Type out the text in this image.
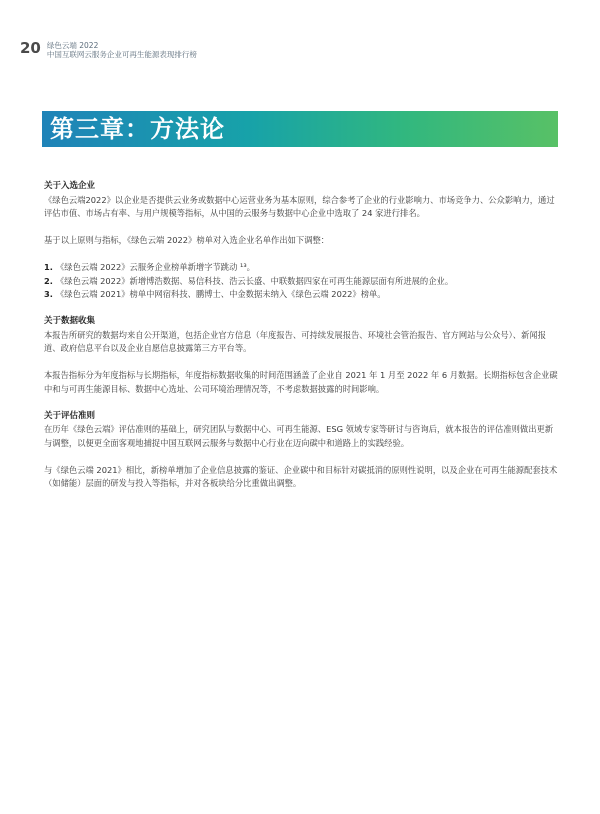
20 绿色云端 2022
中国互联网云服务企业可再生能源表现排行榜
第三章：方法论
关于入选企业

《绿色云端2022》以企业是否提供云业务或数据中心运营业务为基本原则，综合参考了企业的行业影响力、市场竞争力、公众影响力，通过评估市值、市场占有率、与用户规模等指标，从中国的云服务与数据中心企业中选取了 24 家进行排名。

基于以上原则与指标，《绿色云端 2022》榜单对入选企业名单作出如下调整：

1. 《绿色云端 2022》云服务企业榜单新增字节跳动 ¹³。
2. 《绿色云端 2022》新增博浩数据、易信科技、浩云长盛、中联数据四家在可再生能源层面有所进展的企业。
3. 《绿色云端 2021》榜单中网宿科技、鹏博士、中金数据未纳入《绿色云端 2022》榜单。
关于数据收集

本报告所研究的数据均来自公开渠道，包括企业官方信息（年度报告、可持续发展报告、环境社会管治报告、官方网站与公众号）、新闻报道、政府信息平台以及企业自愿信息披露第三方平台等。

本报告指标分为年度指标与长期指标，年度指标数据收集的时间范围涵盖了企业自 2021 年 1 月至 2022 年 6 月数据。长期指标包含企业碳中和与可再生能源目标、数据中心选址、公司环境治理情况等，不考虑数据披露的时间影响。

关于评估准则

在历年《绿色云端》评估准则的基础上，研究团队与数据中心、可再生能源、ESG 领域专家等研讨与咨询后，就本报告的评估准则做出更新与调整，以便更全面客观地捕捉中国互联网云服务与数据中心行业在迈向碳中和道路上的实践经验。

与《绿色云端 2021》相比，新榜单增加了企业信息披露的鉴证、企业碳中和目标针对碳抵消的原则性说明，以及企业在可再生能源配套技术（如储能）层面的研发与投入等指标，并对各板块给分比重做出调整。
